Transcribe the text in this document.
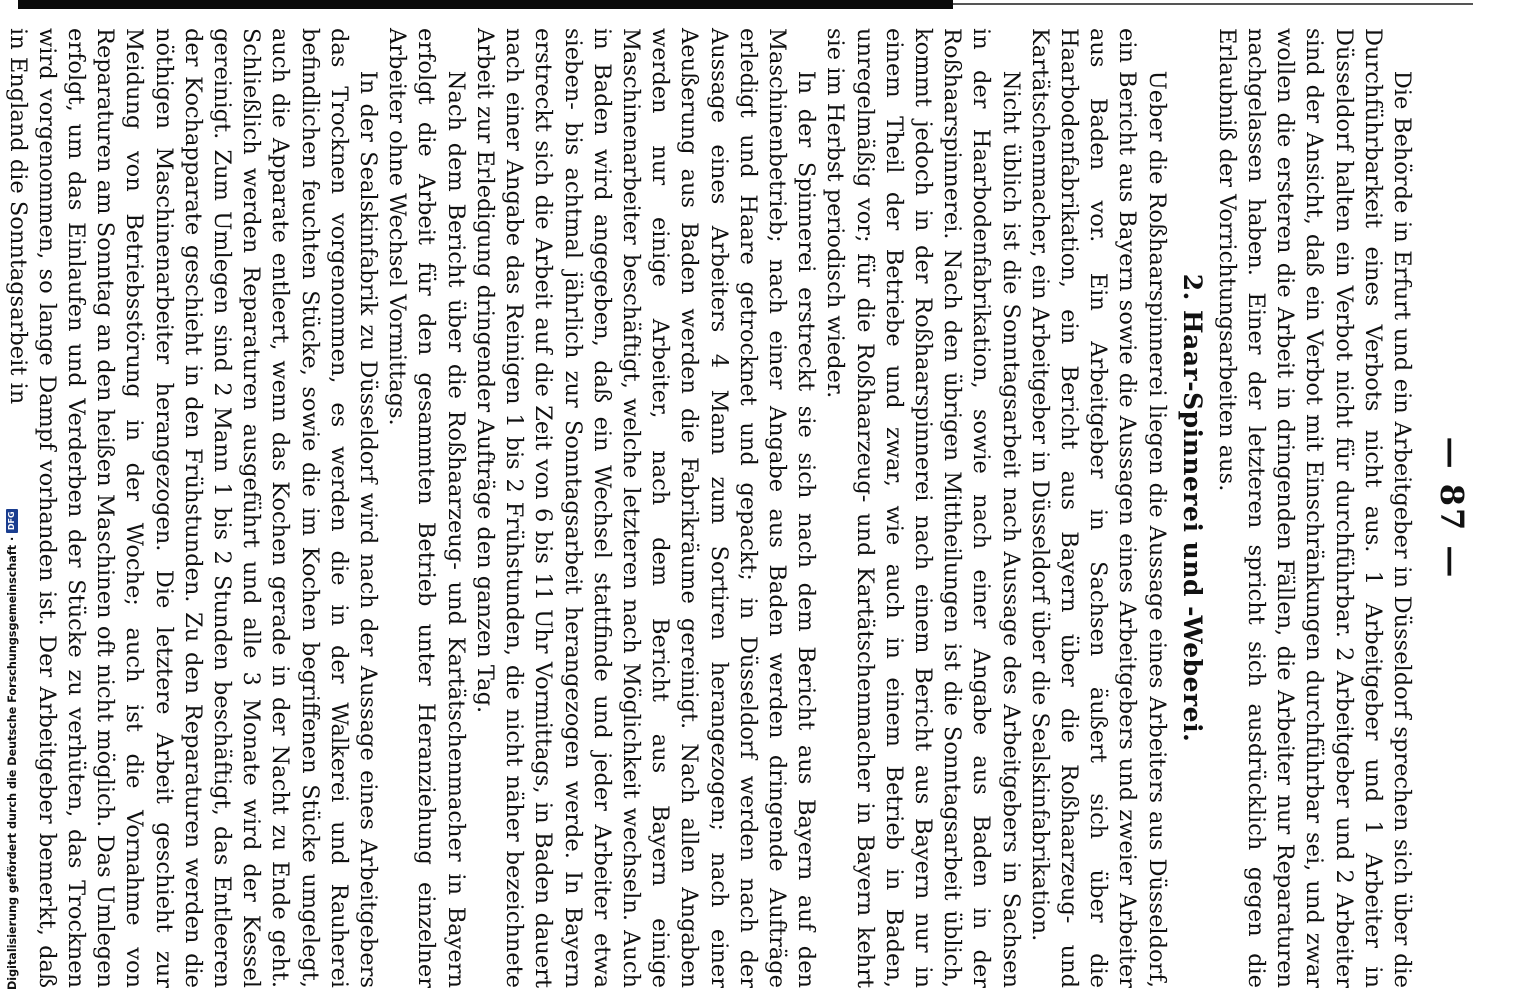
— 87 —

Die Behörde in Erfurt und ein Arbeitgeber in Düsseldorf sprechen sich über die Durchführbarkeit eines Verbots nicht aus. 1 Arbeitgeber und 1 Arbeiter in Düsseldorf halten ein Verbot nicht für durchführbar. 2 Arbeitgeber und 2 Arbeiter sind der Ansicht, daß ein Verbot mit Einschränkungen durchführbar sei, und zwar wollen die ersteren die Arbeit in dringenden Fällen, die Arbeiter nur Reparaturen nachgelassen haben. Einer der letzteren spricht sich ausdrücklich gegen die Erlaubniß der Vorrichtungsarbeiten aus.

2. Haar-Spinnerei und -Weberei.

Ueber die Roßhaarspinnerei liegen die Aussage eines Arbeiters aus Düsseldorf, ein Bericht aus Bayern sowie die Aussagen eines Arbeitgebers und zweier Arbeiter aus Baden vor. Ein Arbeitgeber in Sachsen äußert sich über die Haarbodenfabrikation, ein Bericht aus Bayern über die Roßhaarzeug- und Kartätschenmacher, ein Arbeitgeber in Düsseldorf über die Sealskinfabrikation.

Nicht üblich ist die Sonntagsarbeit nach Aussage des Arbeitgebers in Sachsen in der Haarbodenfabrikation, sowie nach einer Angabe aus Baden in der Roßhaarspinnerei. Nach den übrigen Mittheilungen ist die Sonntagsarbeit üblich, kommt jedoch in der Roßhaarspinnerei nach einem Bericht aus Bayern nur in einem Theil der Betriebe und zwar, wie auch in einem Betrieb in Baden, unregelmäßig vor; für die Roßhaarzeug- und Kartätschenmacher in Bayern kehrt sie im Herbst periodisch wieder.

In der Spinnerei erstreckt sie sich nach dem Bericht aus Bayern auf den Maschinenbetrieb; nach einer Angabe aus Baden werden dringende Aufträge erledigt und Haare getrocknet und gepackt; in Düsseldorf werden nach der Aussage eines Arbeiters 4 Mann zum Sortiren herangezogen; nach einer Aeußerung aus Baden werden die Fabrikräume gereinigt. Nach allen Angaben werden nur einige Arbeiter, nach dem Bericht aus Bayern einige Maschinenarbeiter beschäftigt, welche letzteren nach Möglichkeit wechseln. Auch in Baden wird angegeben, daß ein Wechsel stattfinde und jeder Arbeiter etwa sieben- bis achtmal jährlich zur Sonntagsarbeit herangezogen werde. In Bayern erstreckt sich die Arbeit auf die Zeit von 6 bis 11 Uhr Vormittags, in Baden dauert nach einer Angabe das Reinigen 1 bis 2 Frühstunden, die nicht näher bezeichnete Arbeit zur Erledigung dringender Aufträge den ganzen Tag.

Nach dem Bericht über die Roßhaarzeug- und Kartätschenmacher in Bayern erfolgt die Arbeit für den gesammten Betrieb unter Heranziehung einzelner Arbeiter ohne Wechsel Vormittags.

In der Sealskinfabrik zu Düsseldorf wird nach der Aussage eines Arbeitgebers das Trocknen vorgenommen, es werden die in der Walkerei und Rauherei befindlichen feuchten Stücke, sowie die im Kochen begriffenen Stücke umgelegt, auch die Apparate entleert, wenn das Kochen gerade in der Nacht zu Ende geht. Schließlich werden Reparaturen ausgeführt und alle 3 Monate wird der Kessel gereinigt. Zum Umlegen sind 2 Mann 1 bis 2 Stunden beschäftigt, das Entleeren der Kochapparate geschieht in den Frühstunden. Zu den Reparaturen werden die nöthigen Maschinenarbeiter herangezogen. Die letztere Arbeit geschieht zur Meidung von Betriebsstörung in der Woche; auch ist die Vornahme von Reparaturen am Sonntag an den heißen Maschinen oft nicht möglich. Das Umlegen erfolgt, um das Einlaufen und Verderben der Stücke zu verhüten, das Trocknen wird vorgenommen, so lange Dampf vorhanden ist. Der Arbeitgeber bemerkt, daß in England die Sonntagsarbeit in

Digitalisierung gefördert durch die Deutsche Forschungsgemeinschaft ·
DFG
